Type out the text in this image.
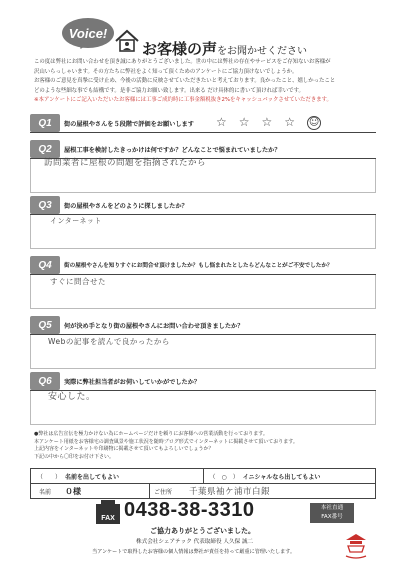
Voice!
お客様の声をお聞かせください
この度は弊社にお問い合わせを頂き誠にありがとうございました。世の中には弊社の存在やサービスをご存知ないお客様が
沢山いらっしゃいます。その方たちに弊社をよく知って頂くためのアンケートにご協力頂けないでしょうか。
お客様のご意見を真摯に受け止め、今後の活動に反映させていただきたいと考えております。良かったこと、嬉しかったこと
どのような些細な事でも結構です。是非ご協力お願い致します。出来る だけ具体的に書いて頂ければ幸いです。
※本アンケートにご記入いただいたお客様には工事ご成約時に工事金額税抜き2%をキャッシュバックさせていただきます。
Q1	街の屋根やさんを５段階で評価をお願いします ☆ ☆ ☆ ☆ ☺
Q2	屋根工事を検討したきっかけは何ですか？どんなことで悩まれていましたか？
訪問業者に屋根の問題を指摘されたから
Q3	街の屋根やさんをどのように探しましたか？
インターネット
Q4	街の屋根やさんを知りすぐにお問合せ頂けましたか？もし悩まれたとしたらどんなことがご不安でしたか？
すぐに問合せた
Q5	何が決め手となり街の屋根やさんにお問い合わせ頂きましたか？
Webの記事を読んで良かったから
Q6	実際に弊社担当者がお伺いしていかがでしたか？
安心した。
●弊社は広告宣伝を極力かけない為にホームページだけを頼りにお客様への営業活動を行っております。
本アンケート用紙をお客様宅の調査風景や施工状況を随時ブログ形式でインターネットに掲載させて頂いております。
上記内容をインターネットや印刷物に掲載させて頂いてもよろしいでしょうか？
下記の中から〇印をお付け下さい。
（　　） 名前を出してもよい	（　○　） イニシャルなら出してもよい
名前	０様	ご住所	千葉県袖ケ浦市白銀
FAX 0438-38-3310	本社直通
FAX番号
ご協力ありがとうございました。
株式会社シェアテック 代表取締役 人久保 誠二
当アンケートで取得したお客様の個人情報は弊社が責任を持って厳重に管理いたします。
